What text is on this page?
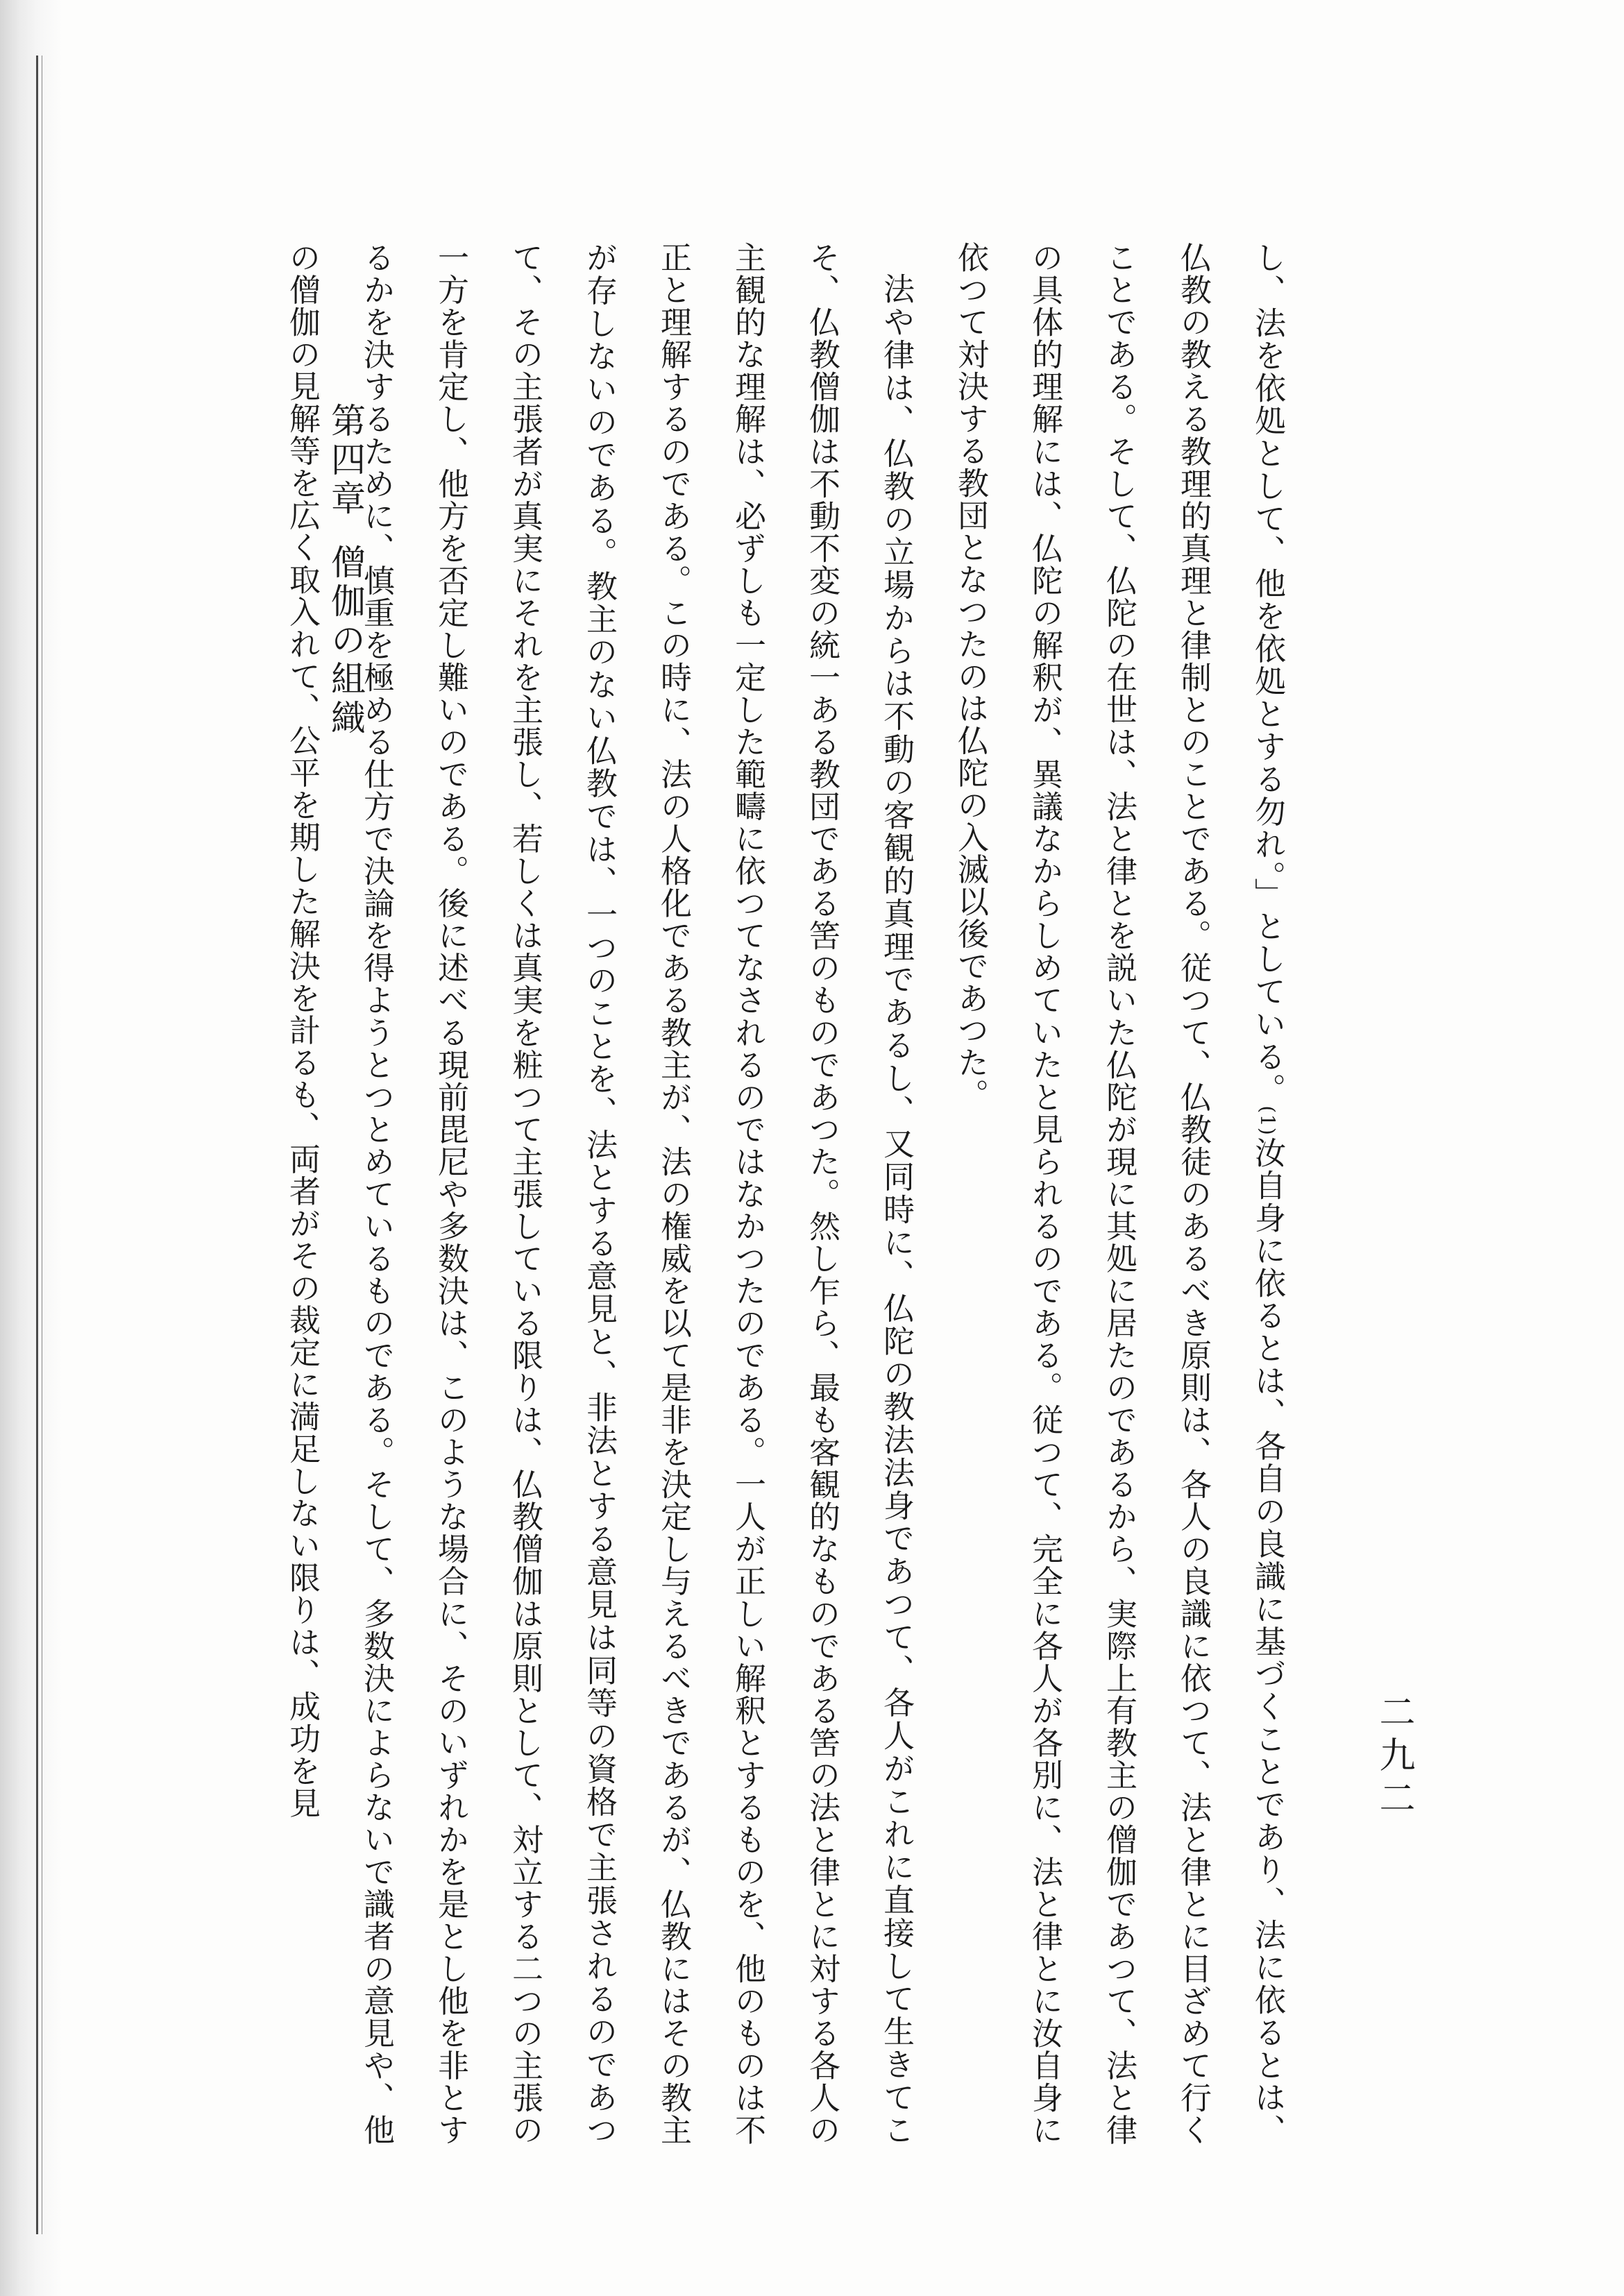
第四章僧伽の組織
二九二

し、法を依処として、他を依処とする勿れ。」としている。(1)汝自身に依るとは、各自の良識に基づくことであり、法に依るとは、仏教の教える教理的真理と律制とのことである。従つて、仏教徒のあるべき原則は、各人の良識に依つて、法と律とに目ざめて行くことである。そして、仏陀の在世は、法と律とを説いた仏陀が現に其処に居たのであるから、実際上有教主の僧伽であつて、法と律の具体的理解には、仏陀の解釈が、異議なからしめていたと見られるのである。従つて、完全に各人が各別に、法と律とに汝自身に依つて対決する教団となつたのは仏陀の入滅以後であつた。

法や律は、仏教の立場からは不動の客観的真理であるし、又同時に、仏陀の教法法身であつて、各人がこれに直接して生きてこそ、仏教僧伽は不動不変の統一ある教団である筈のものであつた。然し乍ら、最も客観的なものである筈の法と律とに対する各人の主観的な理解は、必ずしも一定した範疇に依つてなされるのではなかつたのである。一人が正しい解釈とするものを、他のものは不正と理解するのである。この時に、法の人格化である教主が、法の権威を以て是非を決定し与えるべきであるが、仏教にはその教主が存しないのである。教主のない仏教では、一つのことを、法とする意見と、非法とする意見は同等の資格で主張されるのであつて、その主張者が真実にそれを主張し、若しくは真実を粧つて主張している限りは、仏教僧伽は原則として、対立する二つの主張の一方を肯定し、他方を否定し難いのである。後に述べる現前毘尼や多数決は、このような場合に、そのいずれかを是とし他を非とするかを決するために、慎重を極める仕方で決論を得ようとつとめているものである。そして、多数決によらないで識者の意見や、他の僧伽の見解等を広く取入れて、公平を期した解決を計るも、両者がその裁定に満足しない限りは、成功を見
